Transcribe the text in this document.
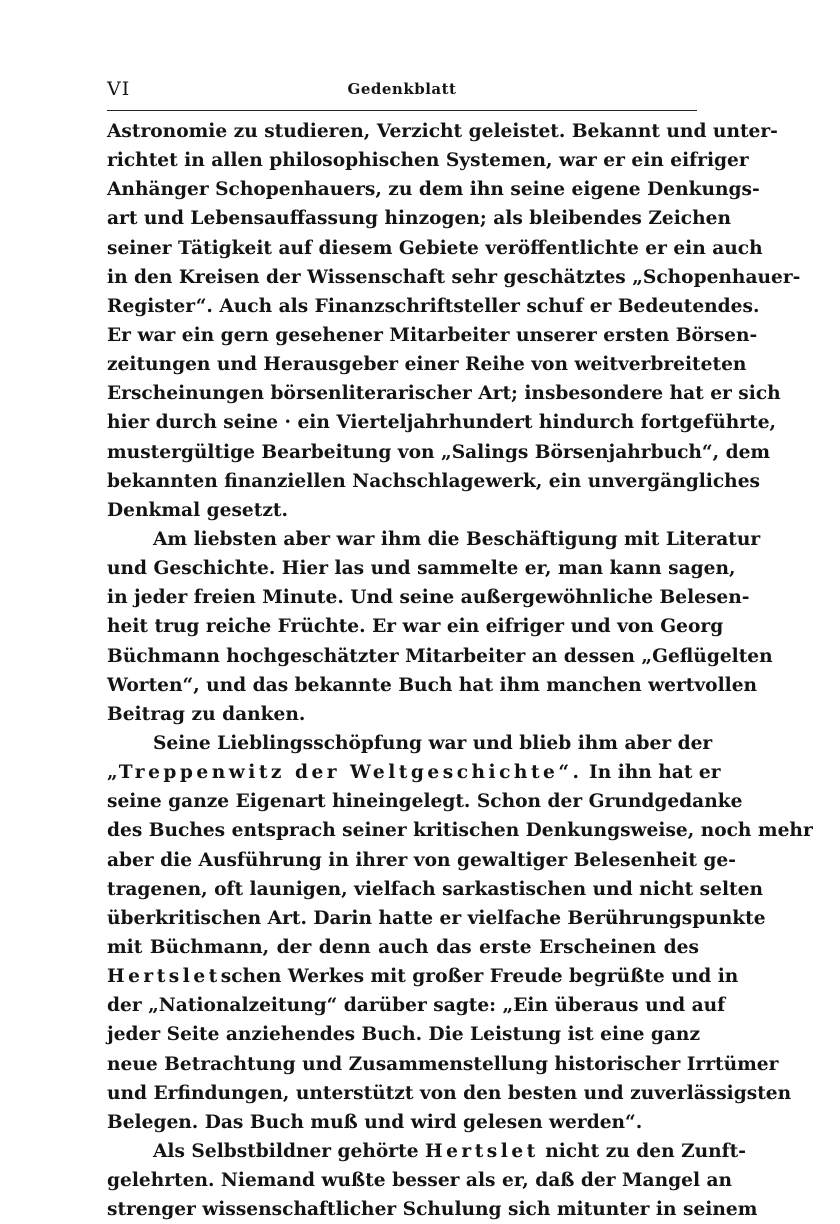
VI	Gedenkblatt
Astronomie zu studieren, Verzicht geleistet. Bekannt und unter-
richtet in allen philosophischen Systemen, war er ein eifriger
Anhänger Schopenhauers, zu dem ihn seine eigene Denkungs-
art und Lebensauffassung hinzogen; als bleibendes Zeichen
seiner Tätigkeit auf diesem Gebiete veröffentlichte er ein auch
in den Kreisen der Wissenschaft sehr geschätztes „Schopenhauer-
Register“. Auch als Finanzschriftsteller schuf er Bedeutendes.
Er war ein gern gesehener Mitarbeiter unserer ersten Börsen-
zeitungen und Herausgeber einer Reihe von weitverbreiteten
Erscheinungen börsenliterarischer Art; insbesondere hat er sich
hier durch seine · ein Vierteljahrhundert hindurch fortgeführte,
mustergültige Bearbeitung von „Salings Börsenjahrbuch“, dem
bekannten finanziellen Nachschlagewerk, ein unvergängliches
Denkmal gesetzt.
Am liebsten aber war ihm die Beschäftigung mit Literatur
und Geschichte. Hier las und sammelte er, man kann sagen,
in jeder freien Minute. Und seine außergewöhnliche Belesen-
heit trug reiche Früchte. Er war ein eifriger und von Georg
Büchmann hochgeschätzter Mitarbeiter an dessen „Geflügelten
Worten“, und das bekannte Buch hat ihm manchen wertvollen
Beitrag zu danken.
Seine Lieblingsschöpfung war und blieb ihm aber der
„Treppenwitz der Weltgeschichte“. In ihn hat er
seine ganze Eigenart hineingelegt. Schon der Grundgedanke
des Buches entsprach seiner kritischen Denkungsweise, noch mehr
aber die Ausführung in ihrer von gewaltiger Belesenheit ge-
tragenen, oft launigen, vielfach sarkastischen und nicht selten
überkritischen Art. Darin hatte er vielfache Berührungspunkte
mit Büchmann, der denn auch das erste Erscheinen des
Hertsletschen Werkes mit großer Freude begrüßte und in
der „Nationalzeitung“ darüber sagte: „Ein überaus und auf
jeder Seite anziehendes Buch. Die Leistung ist eine ganz
neue Betrachtung und Zusammenstellung historischer Irrtümer
und Erfindungen, unterstützt von den besten und zuverlässigsten
Belegen. Das Buch muß und wird gelesen werden“.
Als Selbstbildner gehörte Hertslet nicht zu den Zunft-
gelehrten. Niemand wußte besser als er, daß der Mangel an
strenger wissenschaftlicher Schulung sich mitunter in seinem
